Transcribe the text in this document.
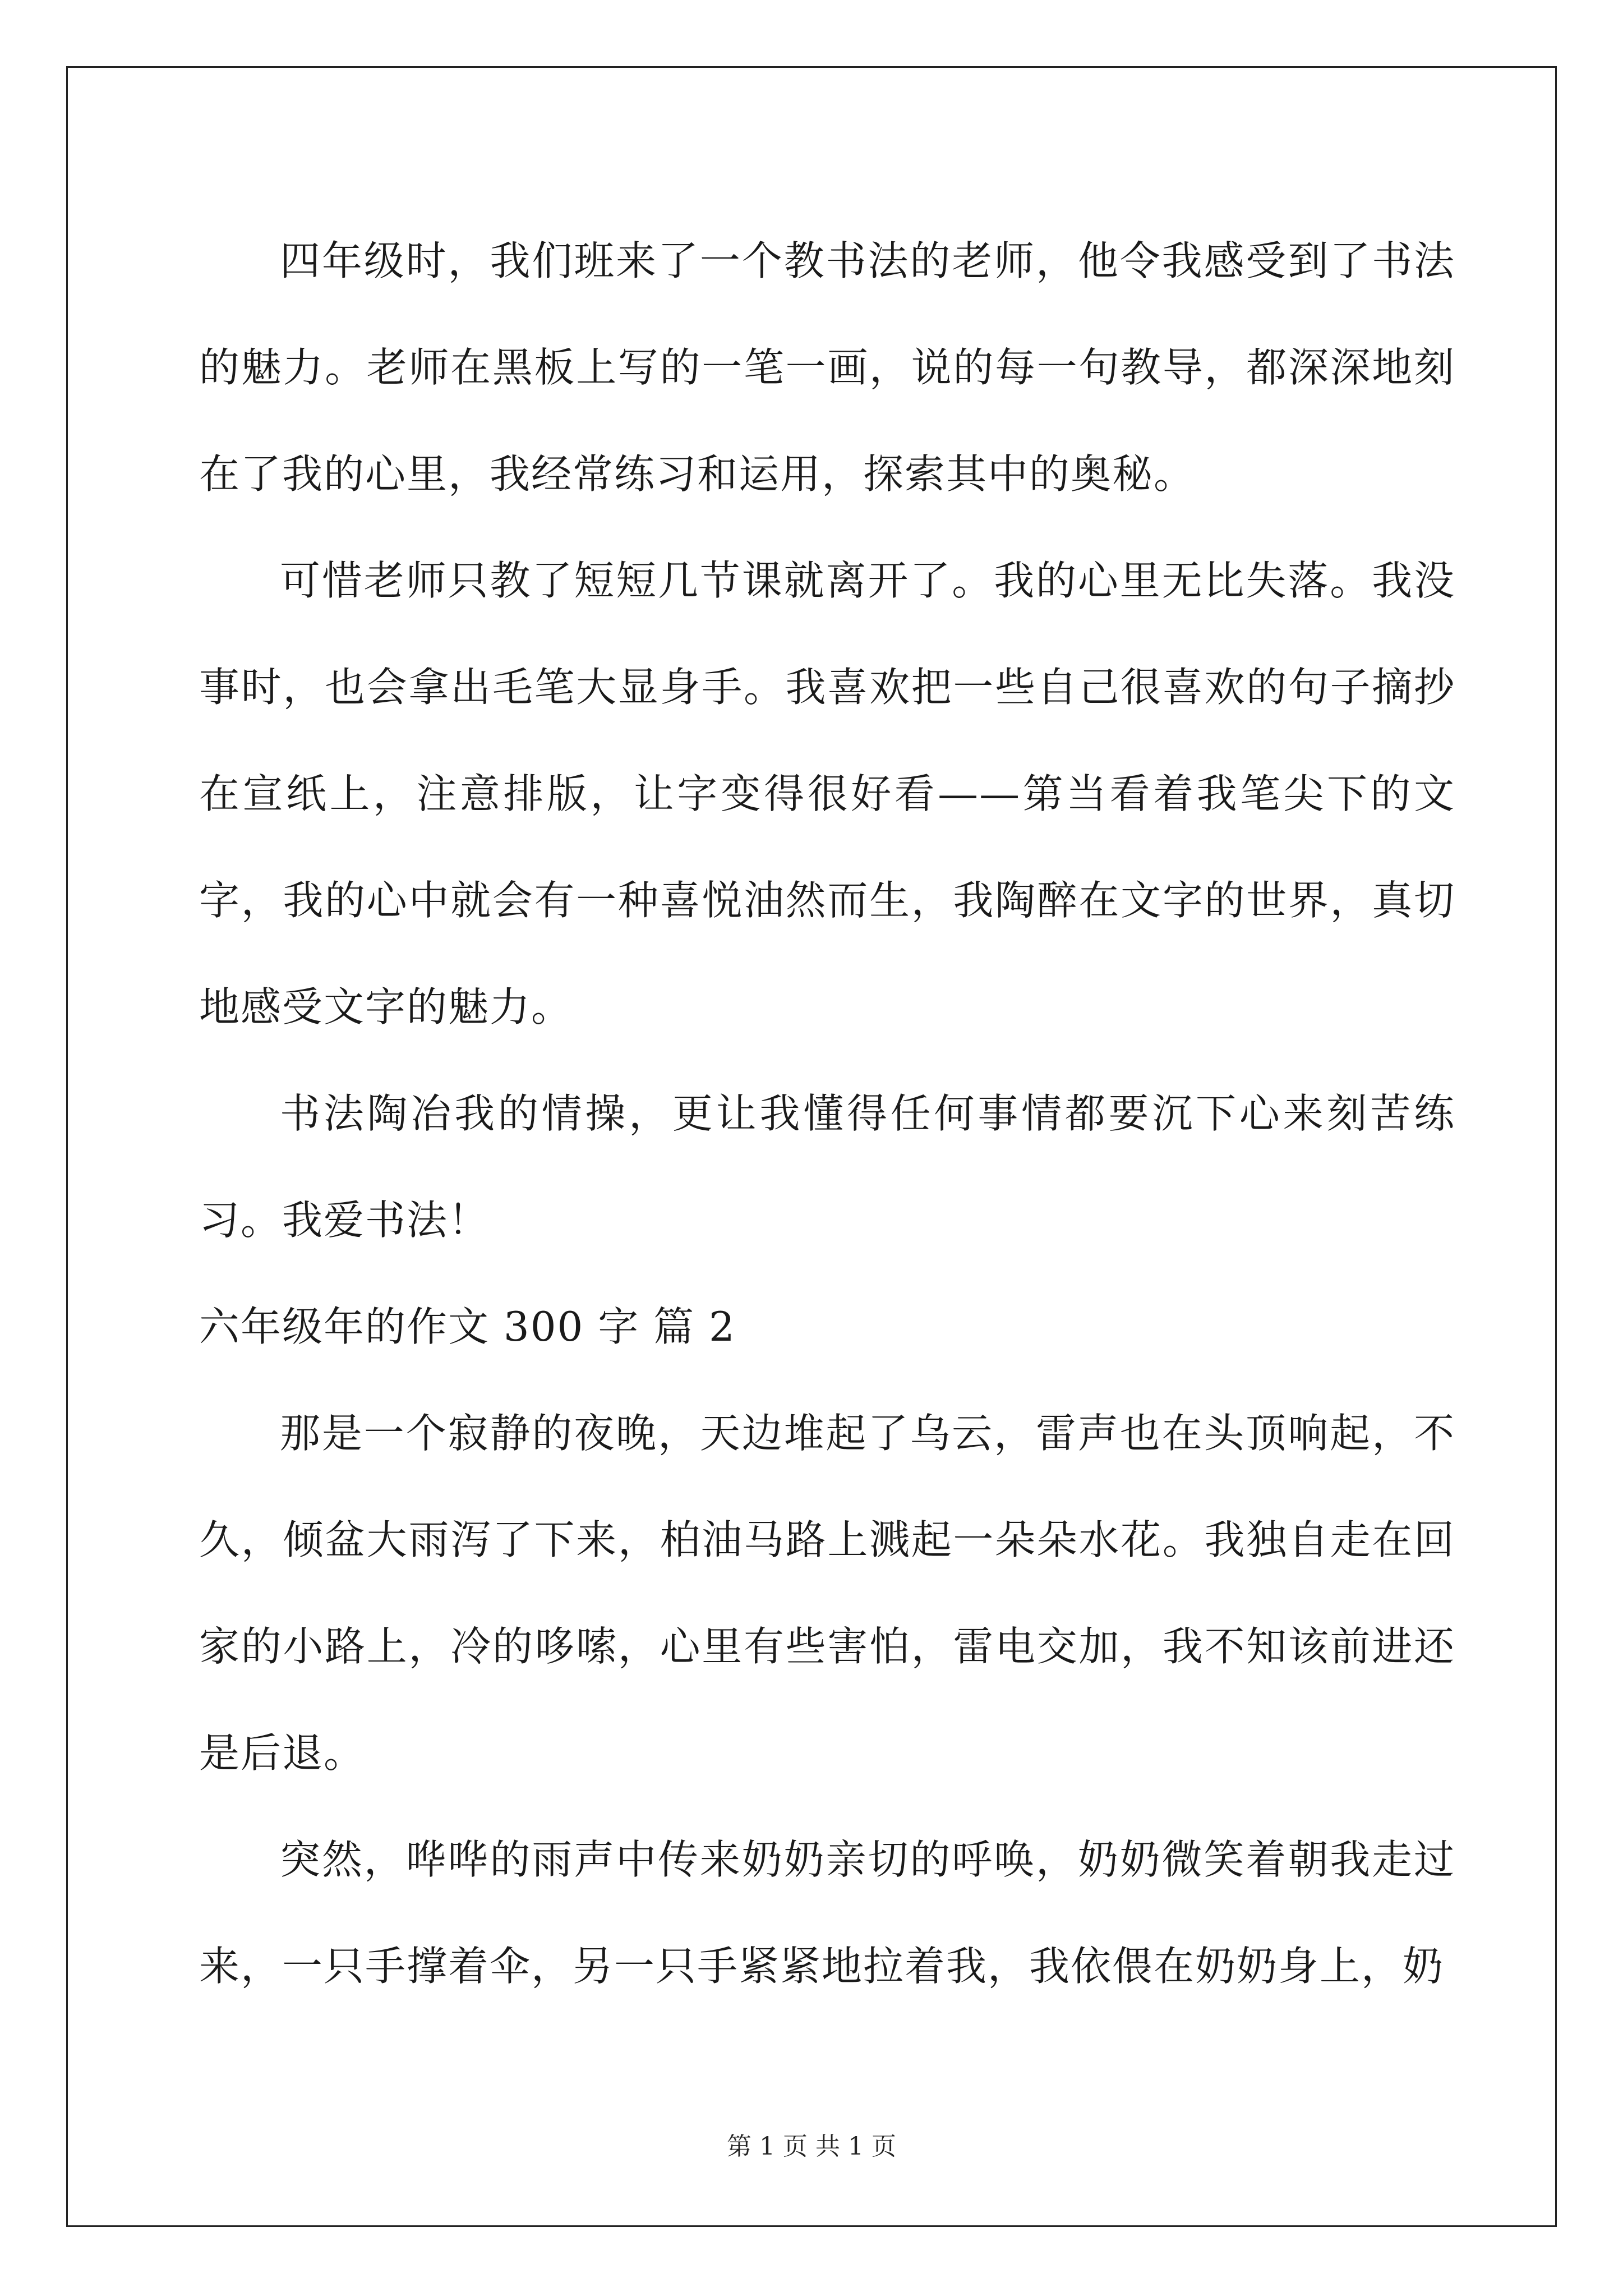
四年级时，我们班来了一个教书法的老师，他令我感受到了书法的魅力。老师在黑板上写的一笔一画，说的每一句教导，都深深地刻在了我的心里，我经常练习和运用，探索其中的奥秘。

可惜老师只教了短短几节课就离开了。我的心里无比失落。我没事时，也会拿出毛笔大显身手。我喜欢把一些自己很喜欢的句子摘抄在宣纸上，注意排版，让字变得很好看——第当看着我笔尖下的文字，我的心中就会有一种喜悦油然而生，我陶醉在文字的世界，真切地感受文字的魅力。

书法陶冶我的情操，更让我懂得任何事情都要沉下心来刻苦练习。我爱书法！

六年级年的作文 300 字 篇 2

那是一个寂静的夜晚，天边堆起了乌云，雷声也在头顶响起，不久，倾盆大雨泻了下来，柏油马路上溅起一朵朵水花。我独自走在回家的小路上，冷的哆嗦，心里有些害怕，雷电交加，我不知该前进还是后退。

突然，哗哗的雨声中传来奶奶亲切的呼唤，奶奶微笑着朝我走过来，一只手撑着伞，另一只手紧紧地拉着我，我依偎在奶奶身上，奶

第 1 页 共 1 页
